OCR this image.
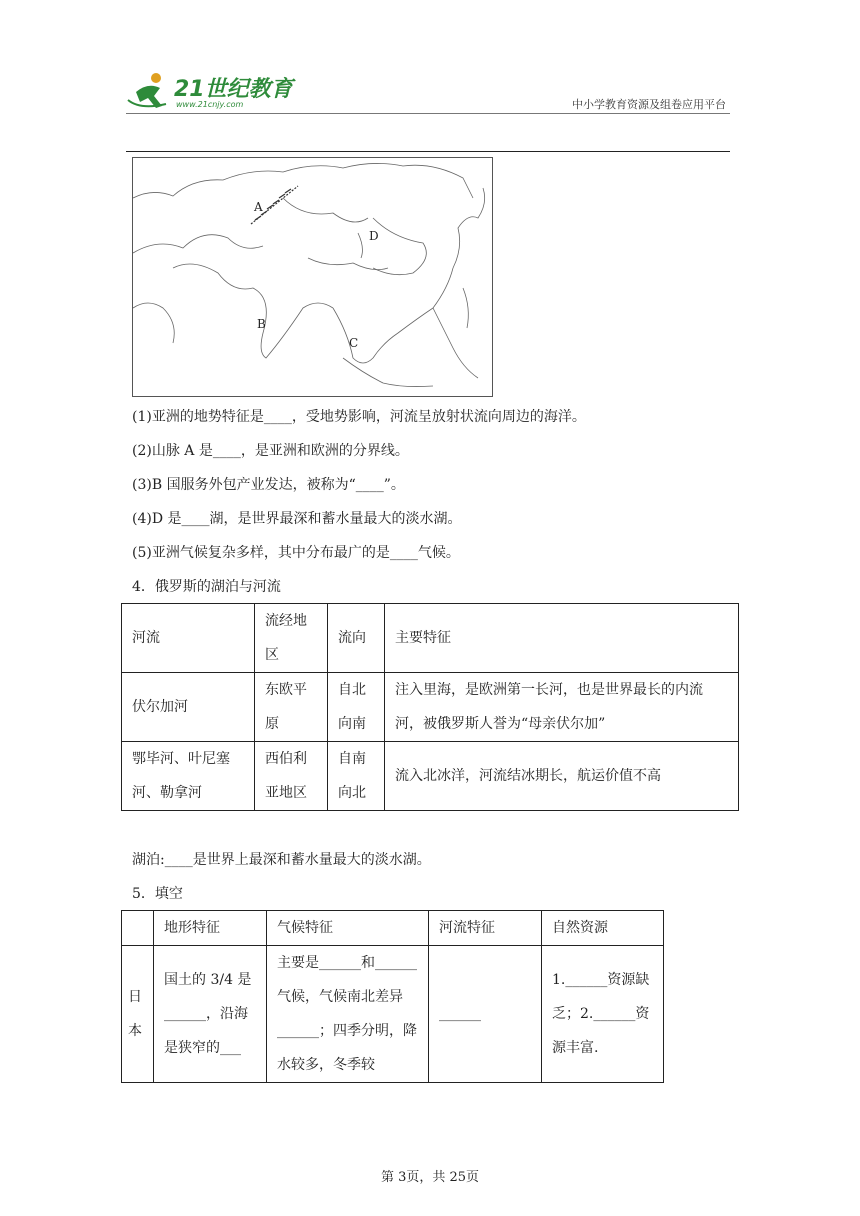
21世纪教育
www.21cnjy.com	中小学教育资源及组卷应用平台
A
B
C
D
(1)亚洲的地势特征是____，受地势影响，河流呈放射状流向周边的海洋。
(2)山脉 A 是____，是亚洲和欧洲的分界线。
(3)B 国服务外包产业发达，被称为“____”。
(4)D 是____湖，是世界最深和蓄水量最大的淡水湖。
(5)亚洲气候复杂多样，其中分布最广的是____气候。
4．俄罗斯的湖泊与河流
河流	流经地区	流向	主要特征
伏尔加河	东欧平原	自北向南	注入里海，是欧洲第一长河，也是世界最长的内流河，被俄罗斯人誉为“母亲伏尔加”
鄂毕河、叶尼塞河、勒拿河	西伯利亚地区	自南向北	流入北冰洋，河流结冰期长，航运价值不高
湖泊:____是世界上最深和蓄水量最大的淡水湖。
5．填空
	地形特征	气候特征	河流特征	自然资源
日本	国土的 3/4 是______，沿海是狭窄的___	主要是______和______气候，气候南北差异______；四季分明，降水较多，冬季较	______	1.______资源缺乏；2.______资源丰富.
第 3页，共 25页
